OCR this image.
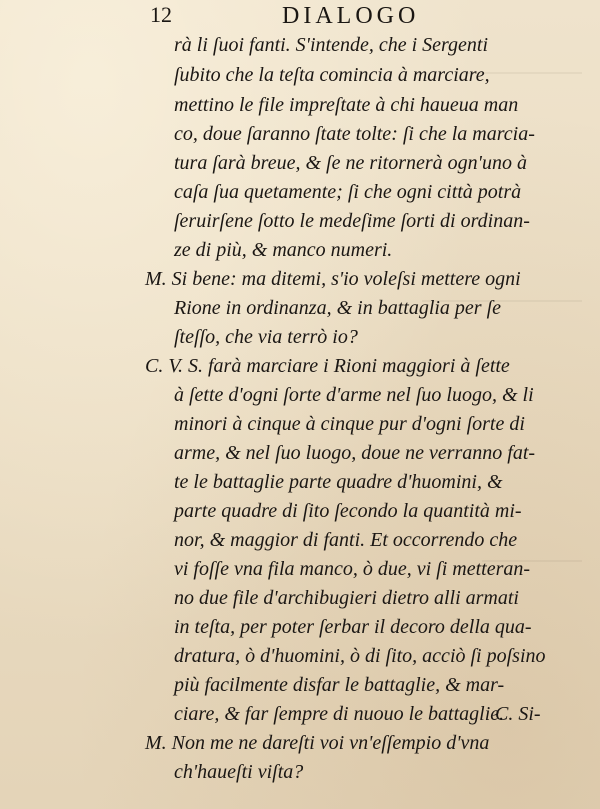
12	DIALOGO

rà li ſuoi fanti. S'intende, che i Sergenti

ſubito che la teſta comincia à marciare,

mettino le file impreſtate à chi haueua man

co, doue ſaranno ſtate tolte: ſi che la marcia-

tura ſarà breue, & ſe ne ritornerà ogn'uno à

caſa ſua quetamente; ſi che ogni città potrà

ſeruirſene ſotto le medeſime ſorti di ordinan-

ze di più, & manco numeri.

M. Si bene: ma ditemi, s'io voleſsi mettere ogni

Rione in ordinanza, & in battaglia per ſe

ſteſſo, che via terrò io?

C. V. S. farà marciare i Rioni maggiori à ſette

à ſette d'ogni ſorte d'arme nel ſuo luogo, & li

minori à cinque à cinque pur d'ogni ſorte di

arme, & nel ſuo luogo, doue ne verranno fat-

te le battaglie parte quadre d'huomini, &

parte quadre di ſito ſecondo la quantità mi-

nor, & maggior di fanti. Et occorrendo che

vi foſſe vna fila manco, ò due, vi ſi metteran-

no due file d'archibugieri dietro alli armati

in teſta, per poter ſerbar il decoro della qua-

dratura, ò d'huomini, ò di ſito, acciò ſi poſsino

più facilmente disfar le battaglie, & mar-

ciare, & far ſempre di nuouo le battaglie.

M. Non me ne dareſti voi vn'eſſempio d'vna

ch'haueſti viſta?

C. Si-
